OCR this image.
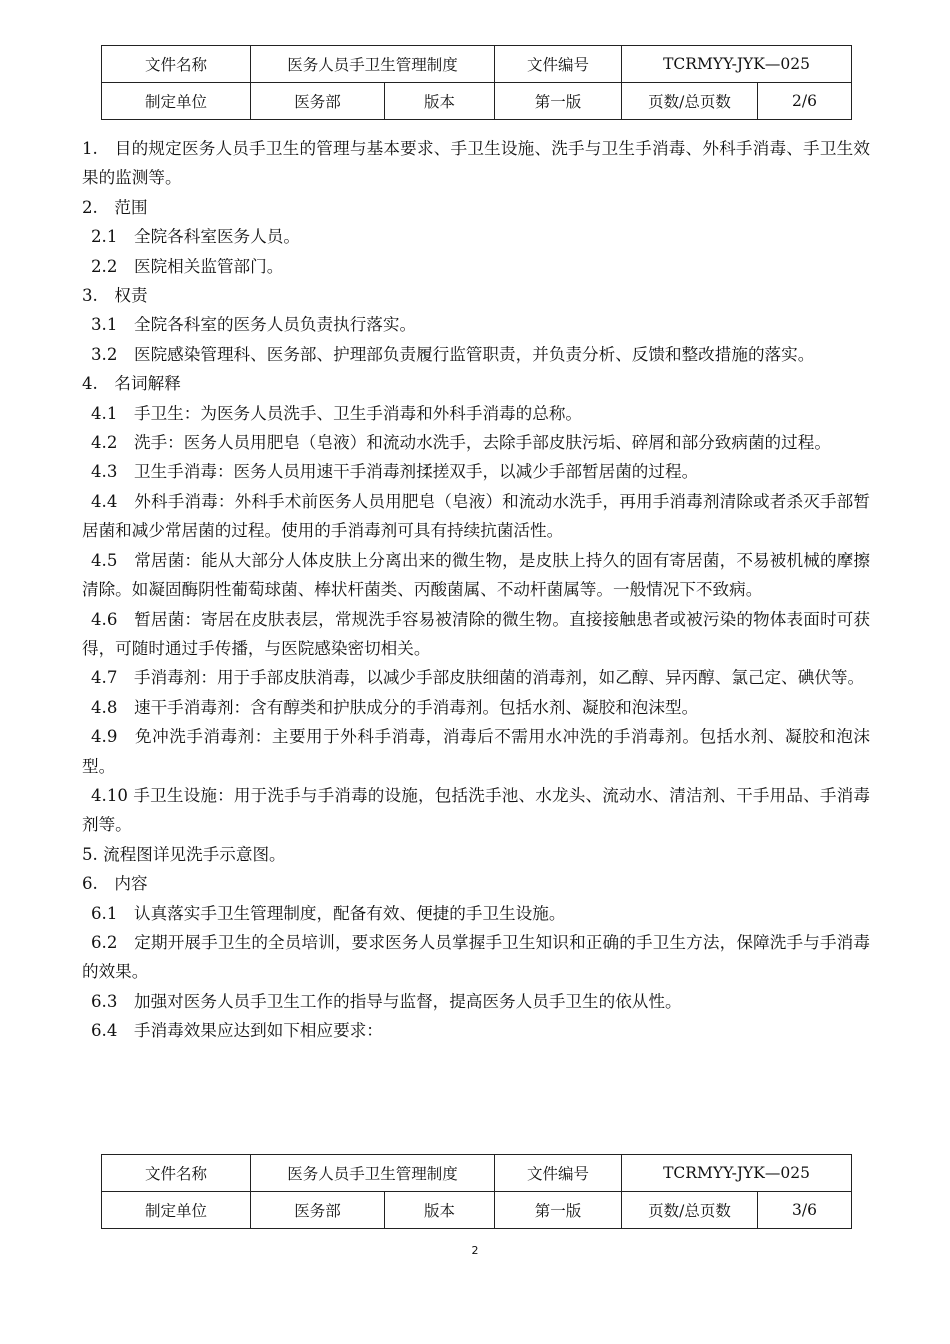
文件名称	医务人员手卫生管理制度		文件编号	TCRMYY-JYK—025	
制定单位	医务部	版本	第一版	页数/总页数	2/6

1.　目的规定医务人员手卫生的管理与基本要求、手卫生设施、洗手与卫生手消毒、外科手消毒、手卫生效果的监测等。

2.　范围

2.1　全院各科室医务人员。

2.2　医院相关监管部门。

3.　权责

3.1　全院各科室的医务人员负责执行落实。

3.2　医院感染管理科、医务部、护理部负责履行监管职责，并负责分析、反馈和整改措施的落实。

4.　名词解释

4.1　手卫生：为医务人员洗手、卫生手消毒和外科手消毒的总称。

4.2　洗手：医务人员用肥皂（皂液）和流动水洗手，去除手部皮肤污垢、碎屑和部分致病菌的过程。

4.3　卫生手消毒：医务人员用速干手消毒剂揉搓双手，以减少手部暂居菌的过程。

4.4　外科手消毒：外科手术前医务人员用肥皂（皂液）和流动水洗手，再用手消毒剂清除或者杀灭手部暂居菌和减少常居菌的过程。使用的手消毒剂可具有持续抗菌活性。

4.5　常居菌：能从大部分人体皮肤上分离出来的微生物，是皮肤上持久的固有寄居菌，不易被机械的摩擦清除。如凝固酶阴性葡萄球菌、棒状杆菌类、丙酸菌属、不动杆菌属等。一般情况下不致病。

4.6　暂居菌：寄居在皮肤表层，常规洗手容易被清除的微生物。直接接触患者或被污染的物体表面时可获得，可随时通过手传播，与医院感染密切相关。

4.7　手消毒剂：用于手部皮肤消毒，以减少手部皮肤细菌的消毒剂，如乙醇、异丙醇、氯己定、碘伏等。

4.8　速干手消毒剂：含有醇类和护肤成分的手消毒剂。包括水剂、凝胶和泡沫型。

4.9　免冲洗手消毒剂：主要用于外科手消毒，消毒后不需用水冲洗的手消毒剂。包括水剂、凝胶和泡沫型。

4.10 手卫生设施：用于洗手与手消毒的设施，包括洗手池、水龙头、流动水、清洁剂、干手用品、手消毒剂等。

5. 流程图详见洗手示意图。

6.　内容

6.1　认真落实手卫生管理制度，配备有效、便捷的手卫生设施。

6.2　定期开展手卫生的全员培训，要求医务人员掌握手卫生知识和正确的手卫生方法，保障洗手与手消毒的效果。

6.3　加强对医务人员手卫生工作的指导与监督，提高医务人员手卫生的依从性。

6.4　手消毒效果应达到如下相应要求：

文件名称	医务人员手卫生管理制度		文件编号	TCRMYY-JYK—025	
制定单位	医务部	版本	第一版	页数/总页数	3/6
2
